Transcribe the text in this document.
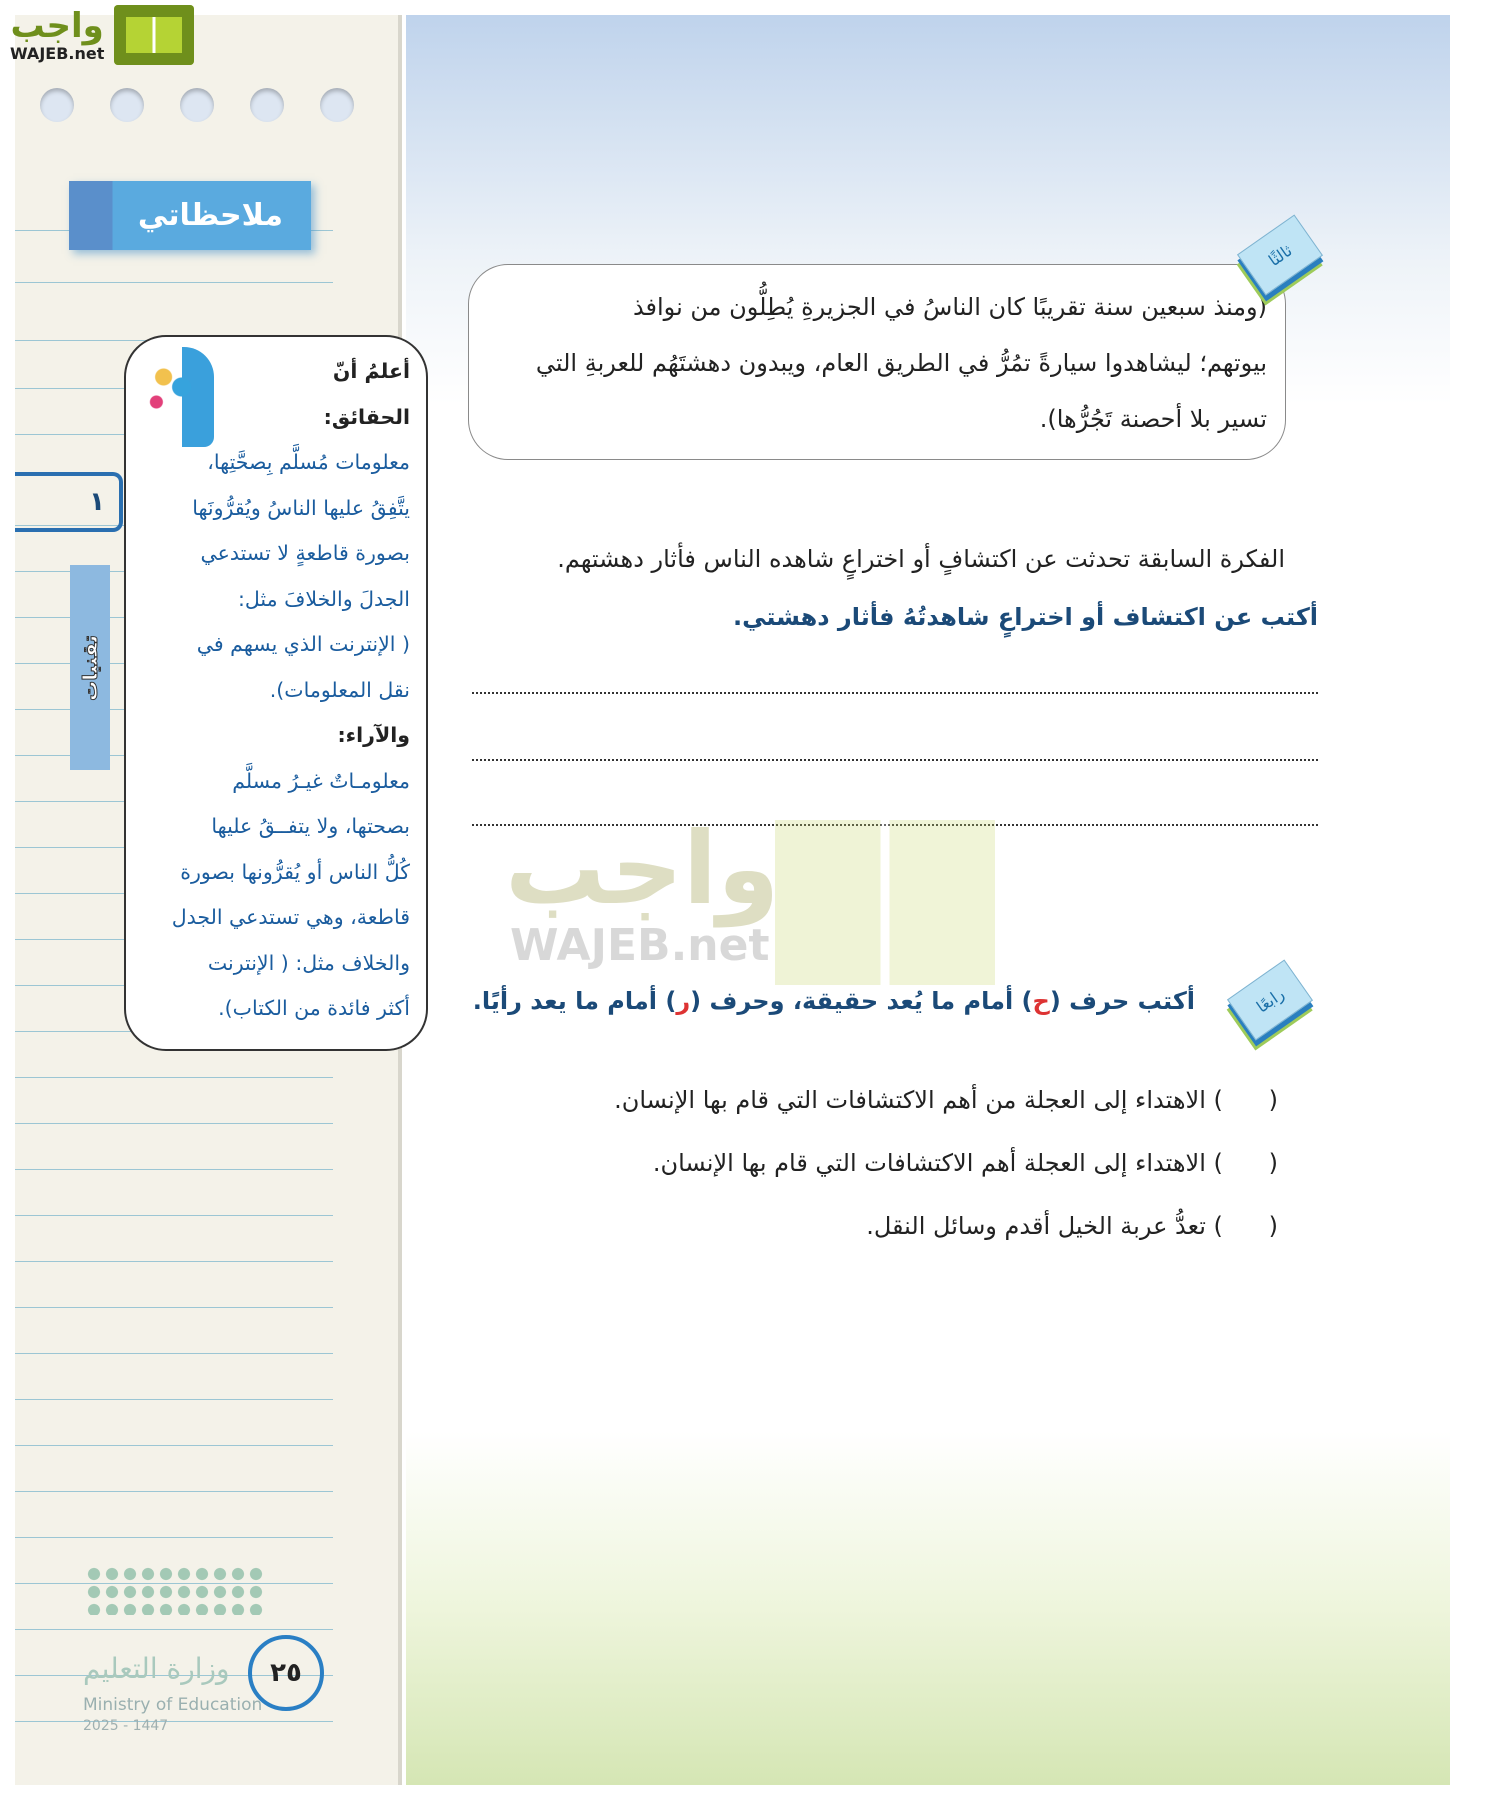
١
تقنيات
وزارة التعليم
Ministry of Education
2025 - 1447
٢٥
واجب
WAJEB.net
ملاحظاتي
أعلمُ أنّ
الحقائق:
معلومات مُسلَّم بِصحَّتِها،
يتَّفِقُ عليها الناسُ ويُقرُّونَها
بصورة قاطعةٍ لا تستدعي
الجدلَ والخلافَ مثل:
( الإنترنت الذي يسهم في
نقل المعلومات).
والآراء:
معلومـاتٌ غيـرُ مسلَّم
بصحتها، ولا يتفــقُ عليها
كُلُّ الناس أو يُقرُّونها بصورة
قاطعة، وهي تستدعي الجدل
والخلاف مثل: ( الإنترنت
أكثر فائدة من الكتاب).
(ومنذ سبعين سنة تقريبًا كان الناسُ في الجزيرةِ يُطِلُّون من نوافذ
بيوتهم؛ ليشاهدوا سيارةً تمُرُّ في الطريق العام، ويبدون دهشتَهُم للعربةِ التي
تسير بلا أحصنة تَجُرُّها).
ثالثًا
الفكرة السابقة تحدثت عن اكتشافٍ أو اختراعٍ شاهده الناس فأثار دهشتهم.
أكتب عن اكتشاف أو اختراعٍ شاهدتُهُ فأثار دهشتي.
واجب
WAJEB.net
رابعًا
أكتب حرف (ح) أمام ما يُعد حقيقة، وحرف (ر) أمام ما يعد رأيًا.
(      ) الاهتداء إلى العجلة من أهم الاكتشافات التي قام بها الإنسان.
(      ) الاهتداء إلى العجلة أهم الاكتشافات التي قام بها الإنسان.
(      ) تعدُّ عربة الخيل أقدم وسائل النقل.
